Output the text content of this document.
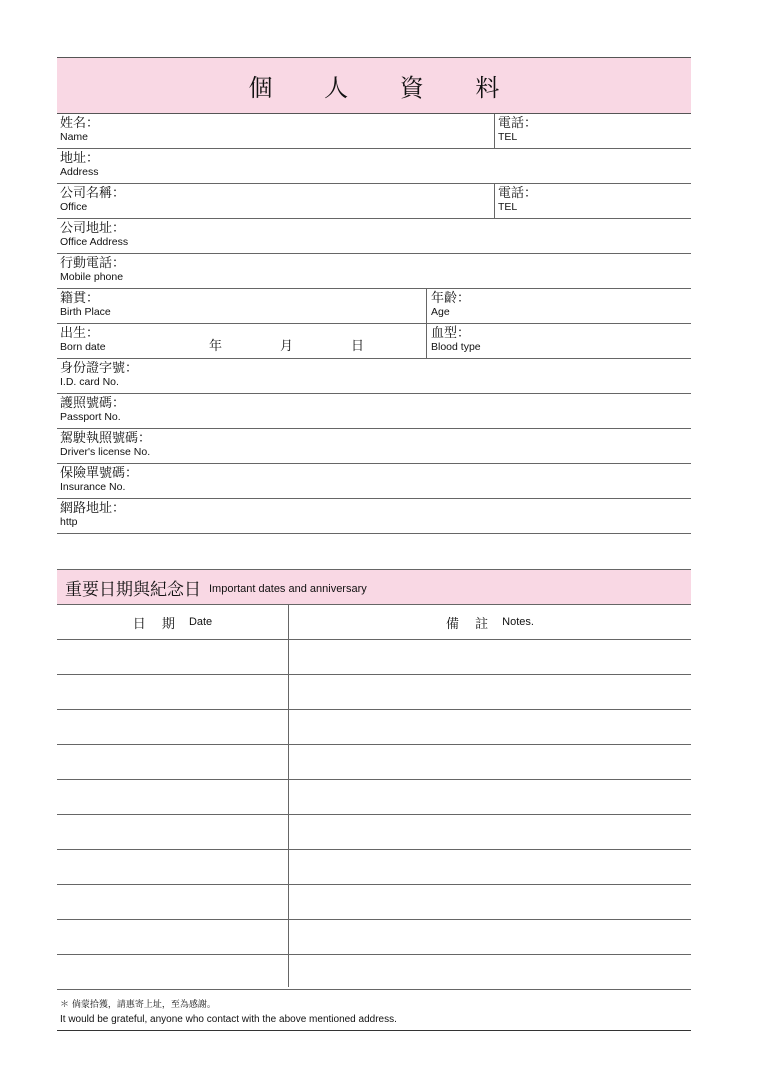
個 人 資 料
姓名：
Name
電話：
TEL
地址：
Address
公司名稱：
Office
電話：
TEL
公司地址：
Office Address
行動電話：
Mobile phone
籍貫：
Birth Place
年齡：
Age
出生：
Born date	年	月	日
血型：
Blood type
身份證字號：
I.D. card No.
護照號碼：
Passport No.
駕駛執照號碼：
Driver's license No.
保險單號碼：
Insurance No.
網路地址：
http
重要日期與紀念日 Important dates and anniversary
日 期 Date	備 註 Notes.
＊ 倘蒙拾獲，請惠寄上址，至為感謝。
It would be grateful, anyone who contact with the above mentioned address.
